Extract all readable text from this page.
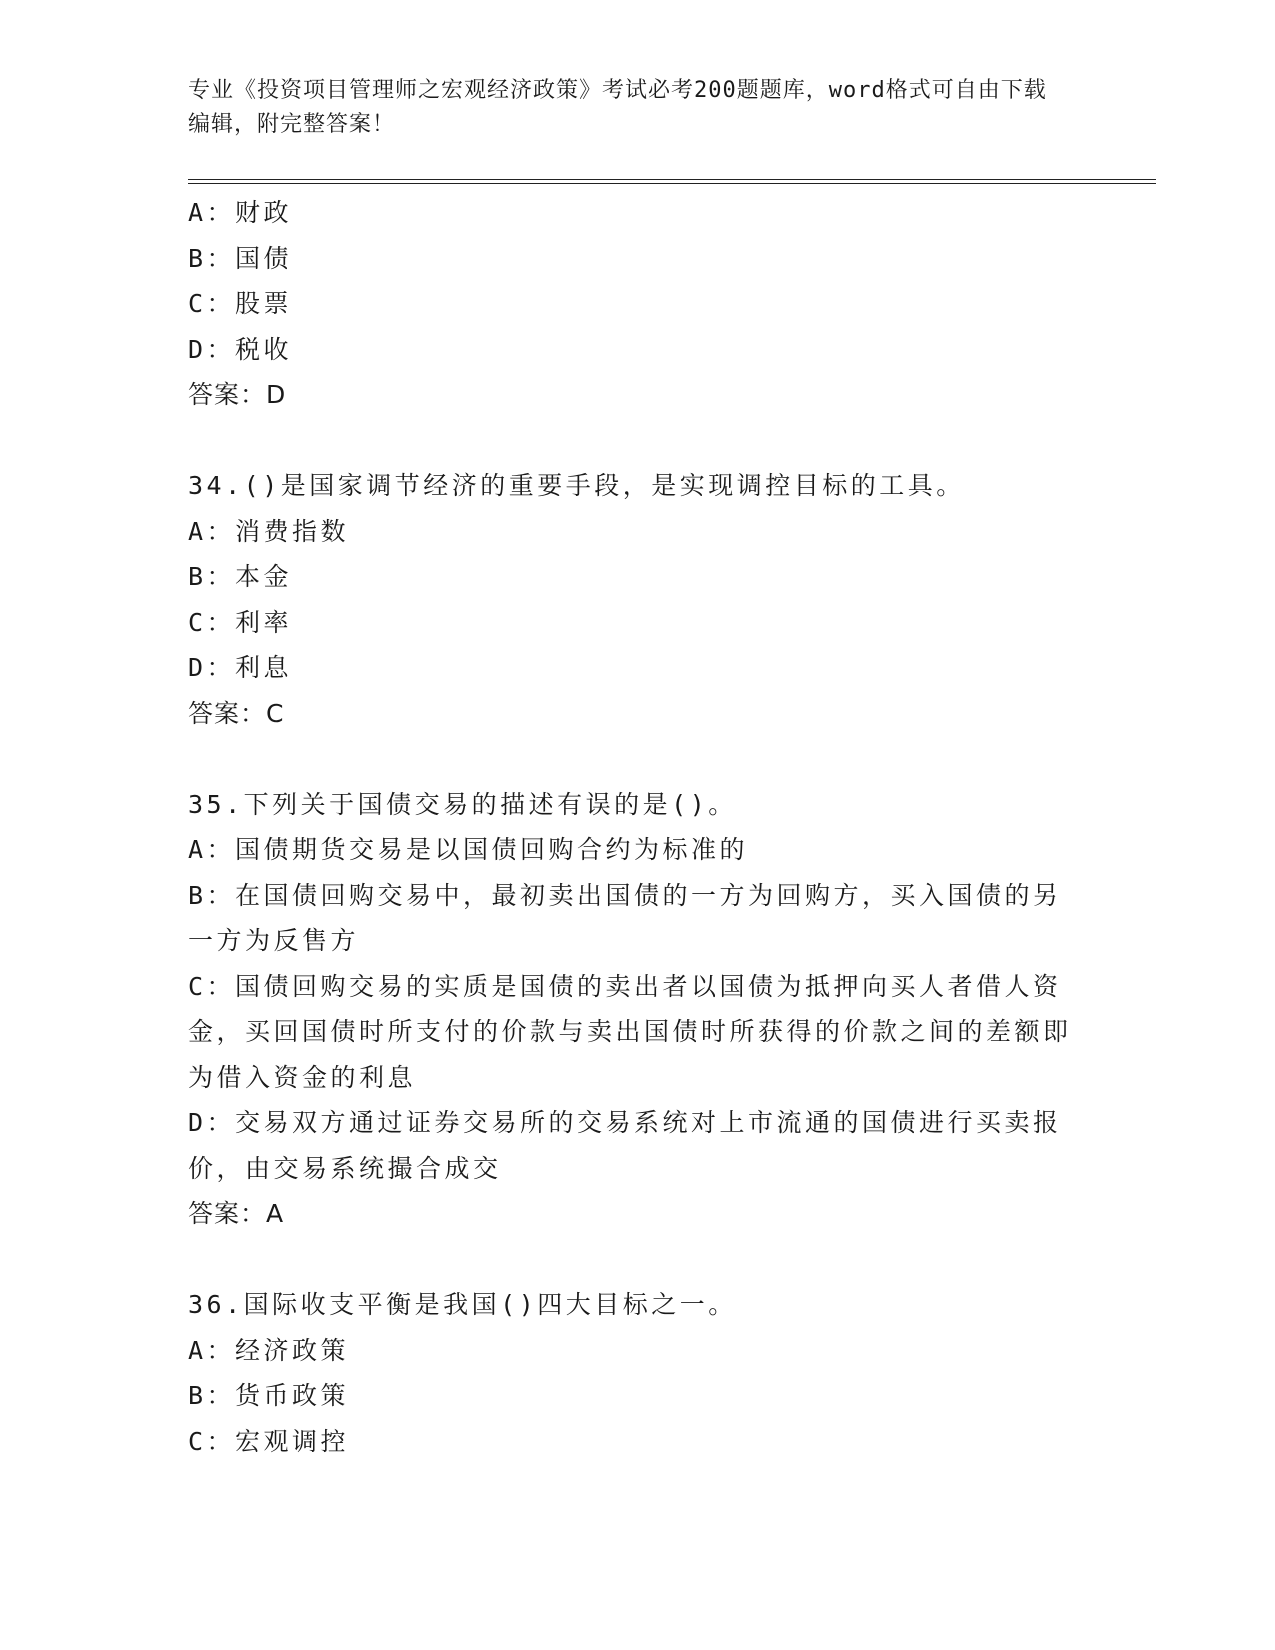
专业《投资项目管理师之宏观经济政策》考试必考200题题库，word格式可自由下载编辑，附完整答案！

A：财政

B：国债

C：股票

D：税收

答案：D

34.()是国家调节经济的重要手段，是实现调控目标的工具。

A：消费指数

B：本金

C：利率

D：利息

答案：C

35.下列关于国债交易的描述有误的是()。

A：国债期货交易是以国债回购合约为标准的

B：在国债回购交易中，最初卖出国债的一方为回购方，买入国债的另一方为反售方

C：国债回购交易的实质是国债的卖出者以国债为抵押向买人者借人资金，买回国债时所支付的价款与卖出国债时所获得的价款之间的差额即为借入资金的利息

D：交易双方通过证券交易所的交易系统对上市流通的国债进行买卖报价，由交易系统撮合成交

答案：A

36.国际收支平衡是我国()四大目标之一。

A：经济政策

B：货币政策

C：宏观调控
